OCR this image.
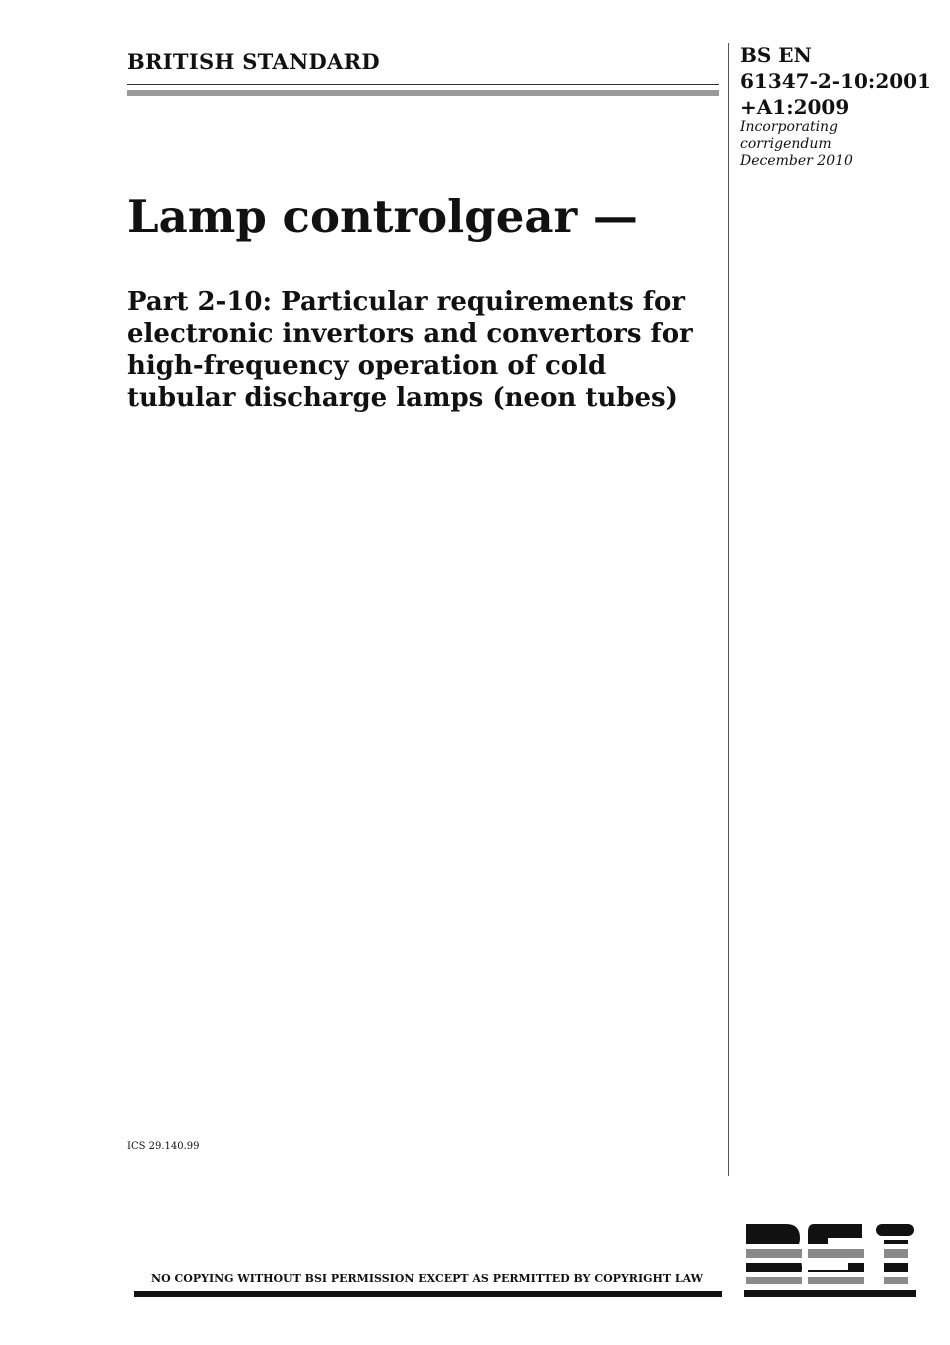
BRITISH STANDARD	BS EN
61347-2-10:2001
+A1:2009
Incorporating
corrigendum
December 2010
Lamp controlgear —
Part 2-10: Particular requirements for
electronic invertors and convertors for
high-frequency operation of cold
tubular discharge lamps (neon tubes)
ICS 29.140.99
NO COPYING WITHOUT BSI PERMISSION EXCEPT AS PERMITTED BY COPYRIGHT LAW
